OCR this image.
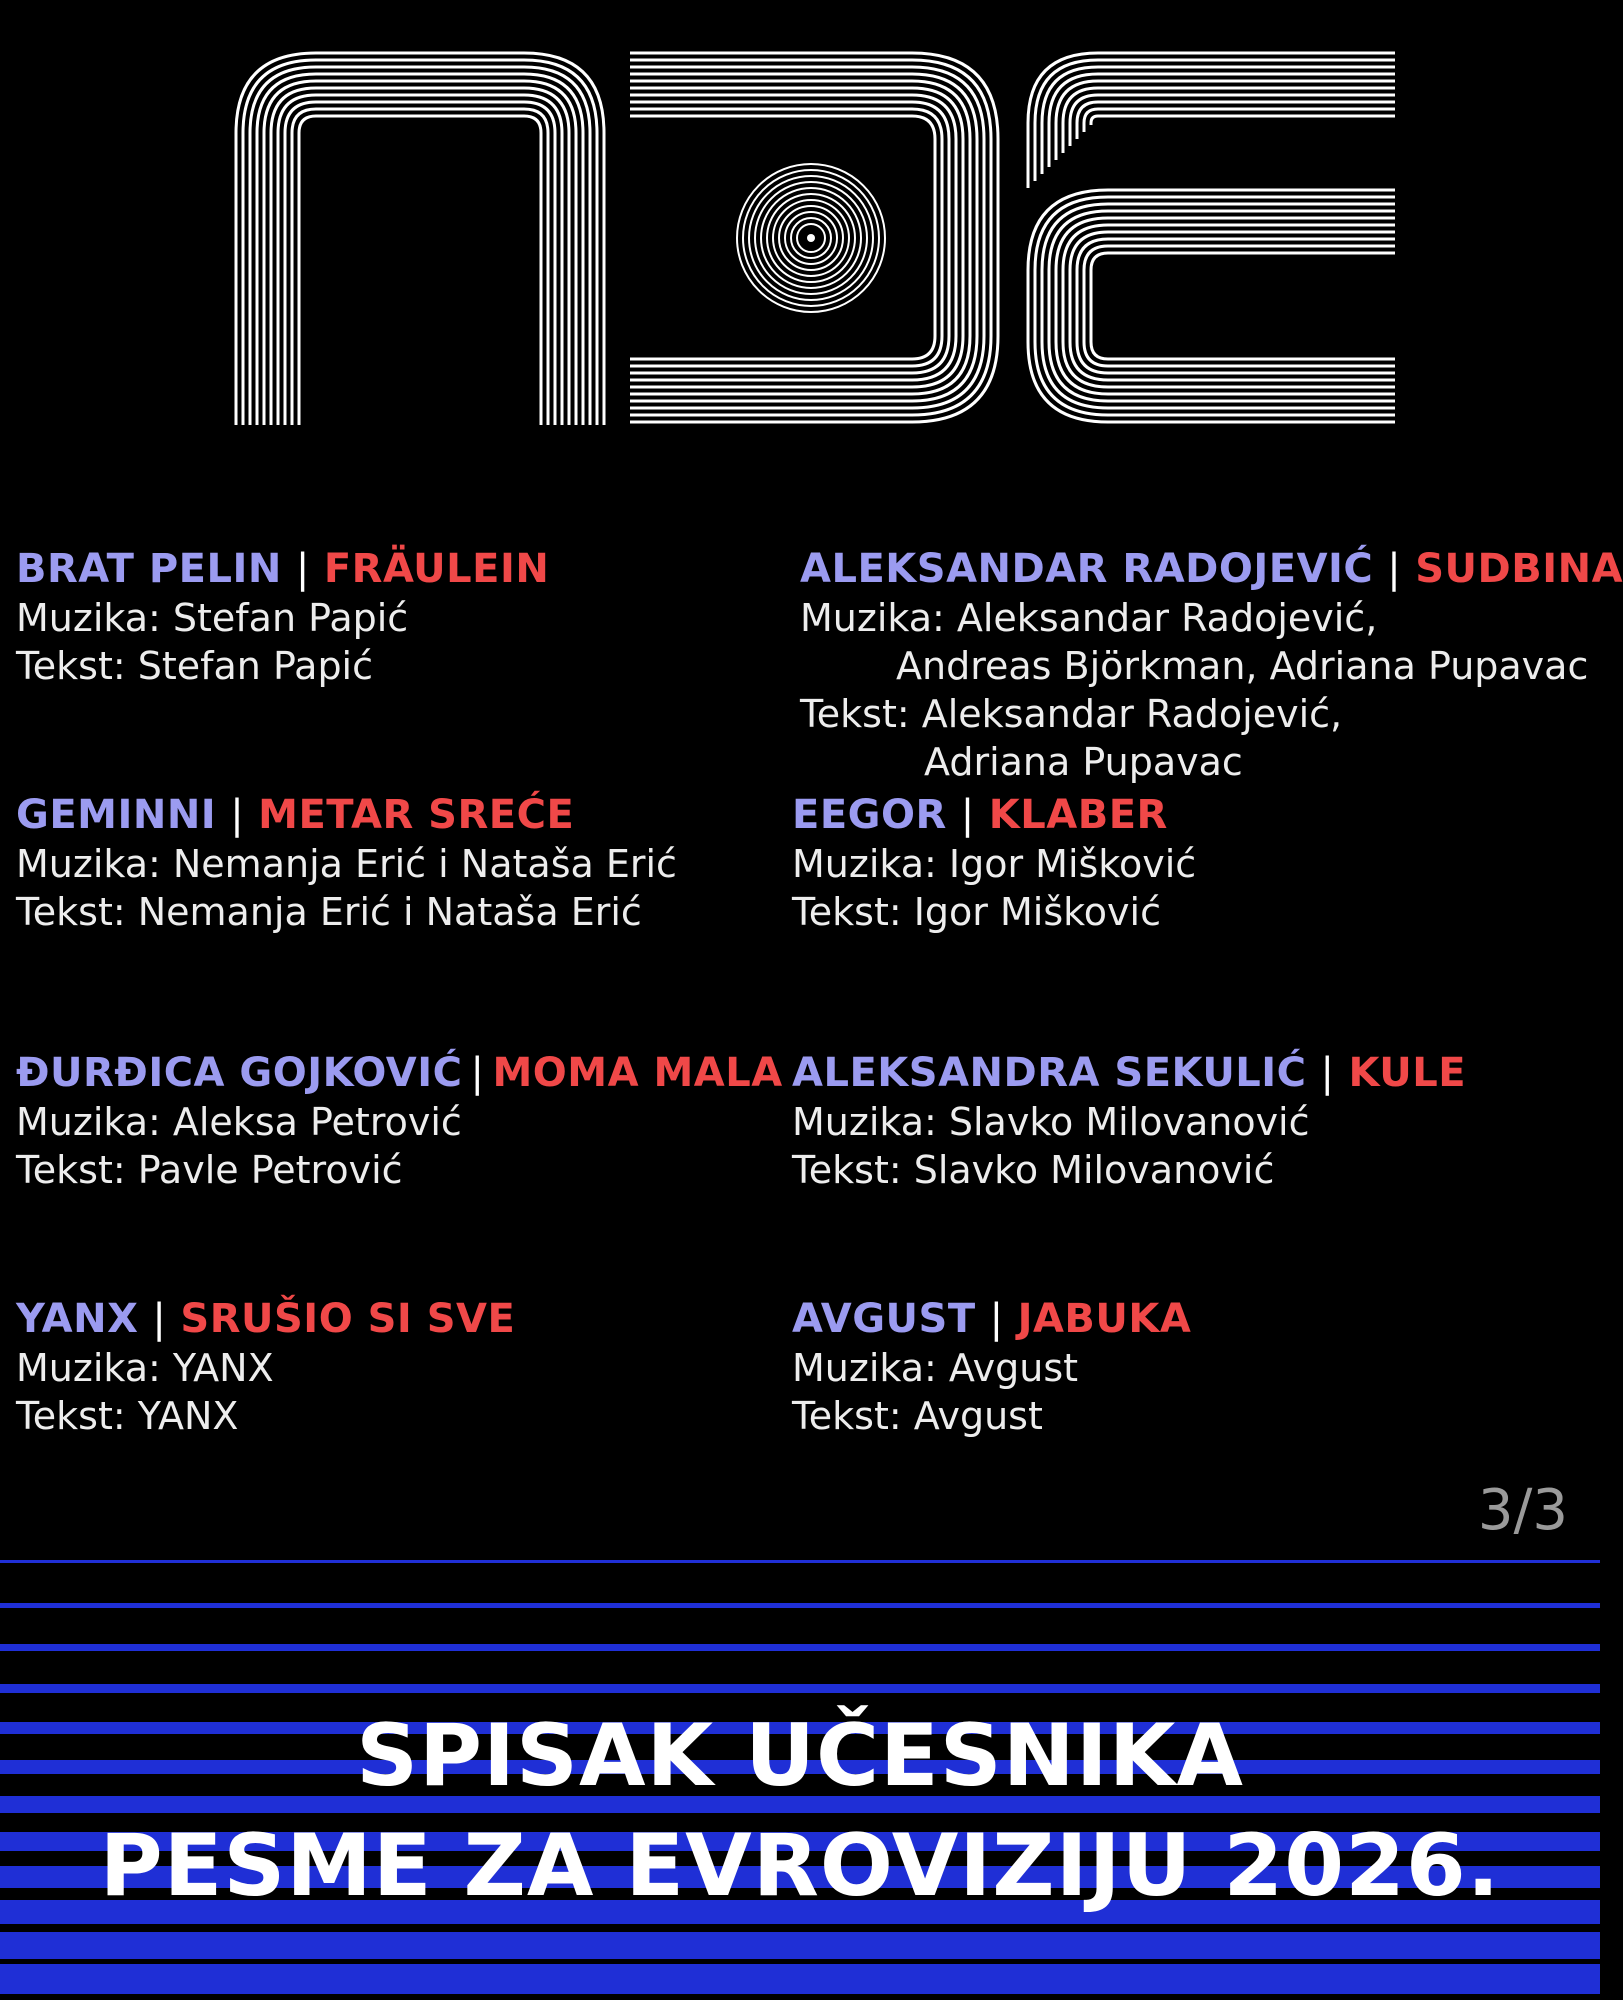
BRAT PELIN | FRÄULEIN
Muzika: Stefan Papić
Tekst: Stefan Papić
ALEKSANDAR RADOJEVIĆ | SUDBINA
Muzika: Aleksandar Radojević,
Andreas Björkman, Adriana Pupavac
Tekst: Aleksandar Radojević,
Adriana Pupavac
GEMINNI | METAR SREĆE
Muzika: Nemanja Erić i Nataša Erić
Tekst: Nemanja Erić i Nataša Erić
EEGOR | KLABER
Muzika: Igor Mišković
Tekst: Igor Mišković
ĐURĐICA GOJKOVIĆ | MOMA MALA
Muzika: Aleksa Petrović
Tekst: Pavle Petrović
ALEKSANDRA SEKULIĆ | KULE
Muzika: Slavko Milovanović
Tekst: Slavko Milovanović
YANX | SRUŠIO SI SVE
Muzika: YANX
Tekst: YANX
AVGUST | JABUKA
Muzika: Avgust
Tekst: Avgust
3/3
SPISAK UČESNIKA
PESME ZA EVROVIZIJU 2026.
